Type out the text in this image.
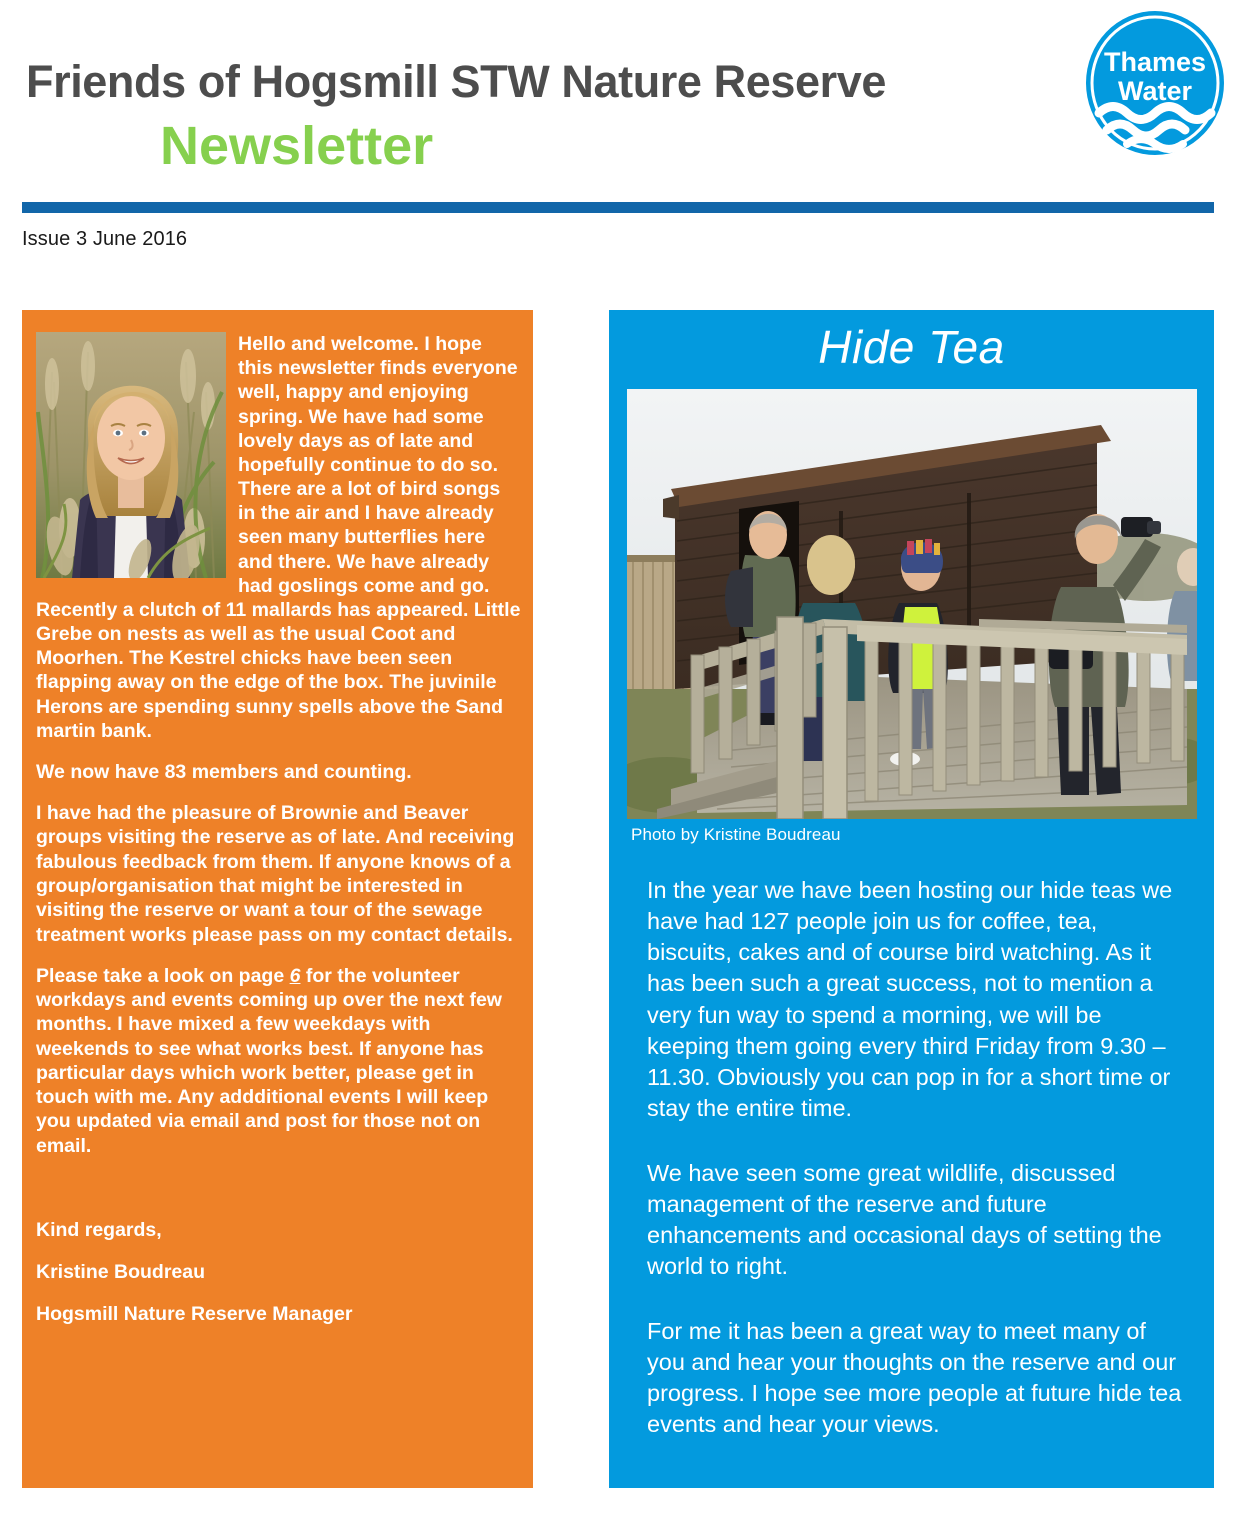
Friends of Hogsmill STW Nature Reserve
Newsletter
Thames
Water
Issue 3 June 2016

Hello and welcome. I hope this newsletter finds everyone well, happy and enjoying spring. We have had some lovely days as of late and hopefully continue to do so. There are a lot of bird songs in the air and I have already seen many butterflies here and there. We have already had goslings come and go. Recently a clutch of 11 mallards has appeared. Little Grebe on nests as well as the usual Coot and Moorhen. The Kestrel chicks have been seen flapping away on the edge of the box. The juvinile Herons are spending sunny spells above the Sand martin bank.

We now have 83 members and counting.

I have had the pleasure of Brownie and Beaver groups visiting the reserve as of late. And receiving fabulous feedback from them. If anyone knows of a group/organisation that might be interested in visiting the reserve or want a tour of the sewage treatment works please pass on my contact details.

Please take a look on page 6 for the volunteer workdays and events coming up over the next few months. I have mixed a few weekdays with weekends to see what works best. If anyone has particular days which work better, please get in touch with me. Any addditional events I will keep you updated via email and post for those not on email.

Kind regards,

Kristine Boudreau

Hogsmill Nature Reserve Manager

Hide Tea
Photo by Kristine Boudreau

In the year we have been hosting our hide teas we have had 127 people join us for coffee, tea, biscuits, cakes and of course bird watching. As it has been such a great success, not to mention a very fun way to spend a morning, we will be keeping them going every third Friday from 9.30 – 11.30. Obviously you can pop in for a short time or stay the entire time.

We have seen some great wildlife, discussed management of the reserve and future enhancements and occasional days of setting the world to right.

For me it has been a great way to meet many of you and hear your thoughts on the reserve and our progress. I hope see more people at future hide tea events and hear your views.
